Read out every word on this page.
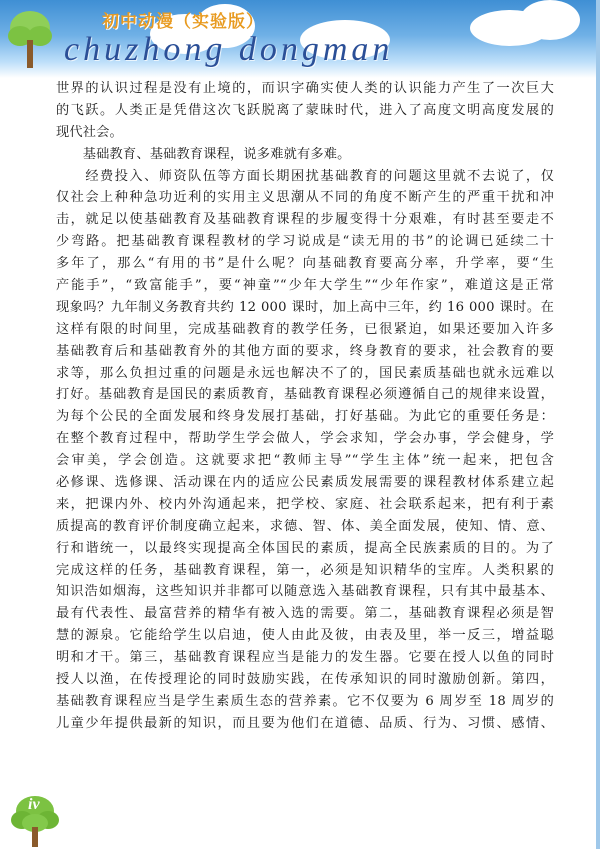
初中动漫（实验版）
chuzhong dongman
世界的认识过程是没有止境的，而识字确实使人类的认识能力产生了一次巨大
的飞跃。人类正是凭借这次飞跃脱离了蒙昧时代，进入了高度文明高度发展的
现代社会。
　　基础教育、基础教育课程，说多难就有多难。
　　经费投入、师资队伍等方面长期困扰基础教育的问题这里就不去说了，仅
仅社会上种种急功近利的实用主义思潮从不同的角度不断产生的严重干扰和冲
击，就足以使基础教育及基础教育课程的步履变得十分艰难，有时甚至要走不
少弯路。把基础教育课程教材的学习说成是“读无用的书”的论调已延续二十
多年了，那么“有用的书”是什么呢？向基础教育要高分率，升学率，要“生
产能手”，“致富能手”，要“神童”“少年大学生”“少年作家”，难道这是正常
现象吗？九年制义务教育共约 12 000 课时，加上高中三年，约 16 000 课时。在
这样有限的时间里，完成基础教育的教学任务，已很紧迫，如果还要加入许多
基础教育后和基础教育外的其他方面的要求，终身教育的要求，社会教育的要
求等，那么负担过重的问题是永远也解决不了的，国民素质基础也就永远难以
打好。基础教育是国民的素质教育，基础教育课程必须遵循自己的规律来设置，
为每个公民的全面发展和终身发展打基础，打好基础。为此它的重要任务是：
在整个教育过程中，帮助学生学会做人，学会求知，学会办事，学会健身，学
会审美，学会创造。这就要求把“教师主导”“学生主体”统一起来，把包含
必修课、选修课、活动课在内的适应公民素质发展需要的课程教材体系建立起
来，把课内外、校内外沟通起来，把学校、家庭、社会联系起来，把有利于素
质提高的教育评价制度确立起来，求德、智、体、美全面发展，使知、情、意、
行和谐统一，以最终实现提高全体国民的素质，提高全民族素质的目的。为了
完成这样的任务，基础教育课程，第一，必须是知识精华的宝库。人类积累的
知识浩如烟海，这些知识并非都可以随意选入基础教育课程，只有其中最基本、
最有代表性、最富营养的精华有被入选的需要。第二，基础教育课程必须是智
慧的源泉。它能给学生以启迪，使人由此及彼，由表及里，举一反三，增益聪
明和才干。第三，基础教育课程应当是能力的发生器。它要在授人以鱼的同时
授人以渔，在传授理论的同时鼓励实践，在传承知识的同时激励创新。第四，
基础教育课程应当是学生素质生态的营养素。它不仅要为 6 周岁至 18 周岁的
儿童少年提供最新的知识，而且要为他们在道德、品质、行为、习惯、感情、
iv
